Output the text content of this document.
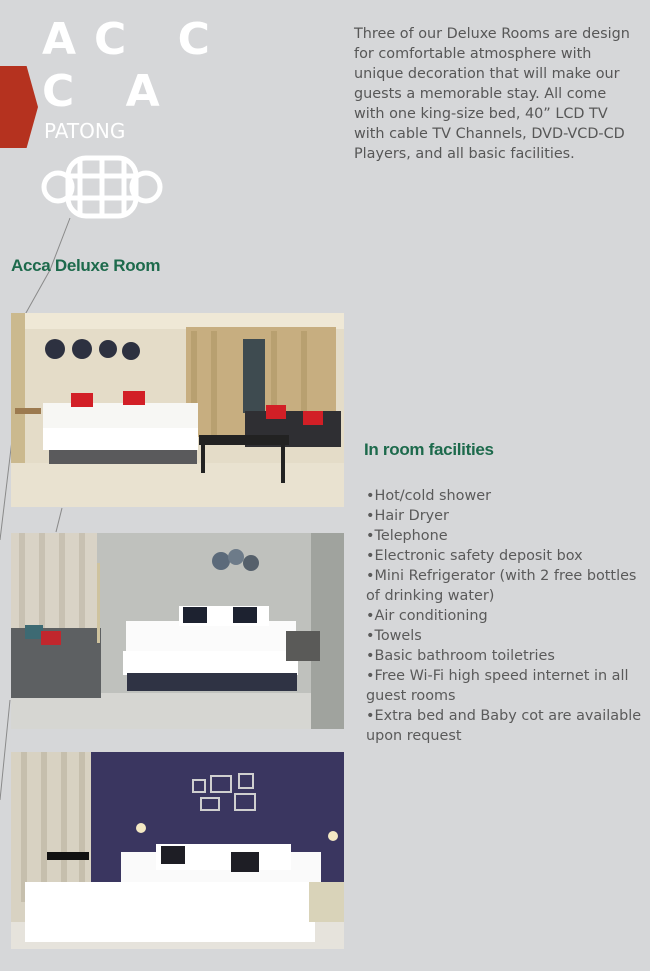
AC C
C A
PATONG

Three of our Deluxe Rooms are design for comfortable atmosphere with unique decoration that will make our guests a memorable stay. All come with one king-size bed, 40” LCD TV with cable TV Channels, DVD-VCD-CD Players, and all basic facilities.

Acca Deluxe Room
In room facilities
• Hot/cold shower
• Hair Dryer
• Telephone
• Electronic safety deposit box
• Mini Refrigerator (with 2 free bottles of drinking water)
• Air conditioning
• Towels
• Basic bathroom toiletries
• Free Wi-Fi high speed internet in all guest rooms
• Extra bed and Baby cot are available upon request
